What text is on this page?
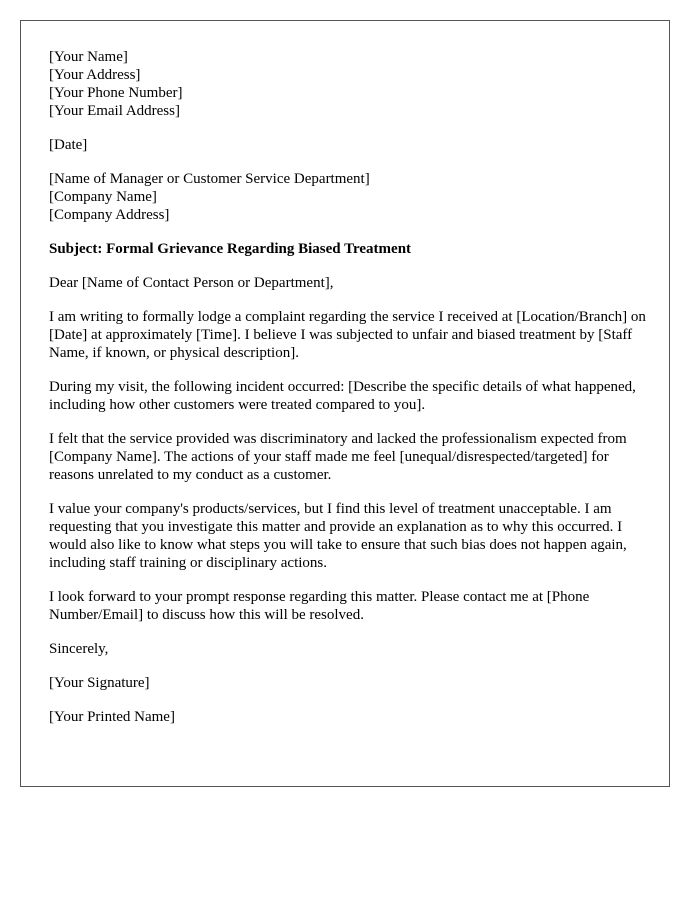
[Your Name]
[Your Address]
[Your Phone Number]
[Your Email Address]
[Date]
[Name of Manager or Customer Service Department]
[Company Name]
[Company Address]

Subject: Formal Grievance Regarding Biased Treatment

Dear [Name of Contact Person or Department],

I am writing to formally lodge a complaint regarding the service I received at [Location/Branch] on [Date] at approximately [Time]. I believe I was subjected to unfair and biased treatment by [Staff Name, if known, or physical description].

During my visit, the following incident occurred: [Describe the specific details of what happened, including how other customers were treated compared to you].

I felt that the service provided was discriminatory and lacked the professionalism expected from [Company Name]. The actions of your staff made me feel [unequal/disrespected/targeted] for reasons unrelated to my conduct as a customer.

I value your company's products/services, but I find this level of treatment unacceptable. I am requesting that you investigate this matter and provide an explanation as to why this occurred. I would also like to know what steps you will take to ensure that such bias does not happen again, including staff training or disciplinary actions.

I look forward to your prompt response regarding this matter. Please contact me at [Phone Number/Email] to discuss how this will be resolved.

Sincerely,

[Your Signature]

[Your Printed Name]
